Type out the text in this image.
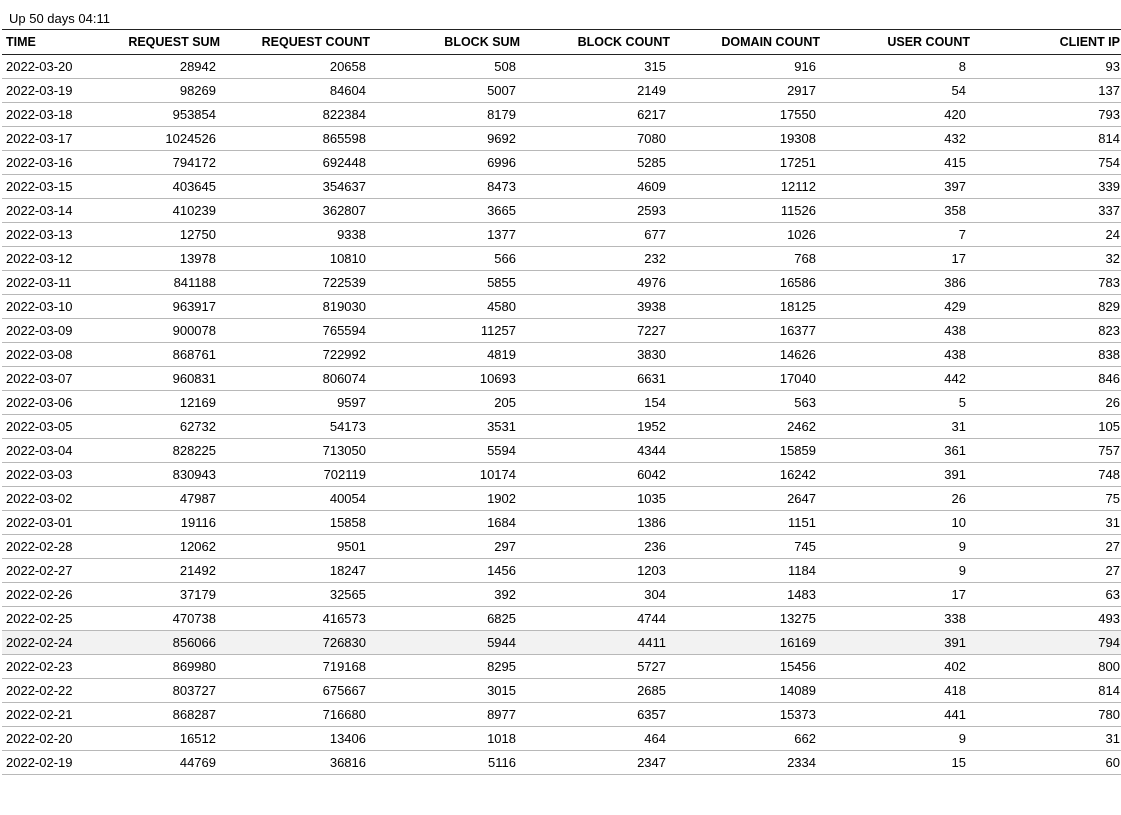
Up 50 days 04:11
TIME	REQUEST SUM	REQUEST COUNT	BLOCK SUM	BLOCK COUNT	DOMAIN COUNT	USER COUNT	CLIENT IP
2022-03-20	28942	20658	508	315	916	8	93
2022-03-19	98269	84604	5007	2149	2917	54	137
2022-03-18	953854	822384	8179	6217	17550	420	793
2022-03-17	1024526	865598	9692	7080	19308	432	814
2022-03-16	794172	692448	6996	5285	17251	415	754
2022-03-15	403645	354637	8473	4609	12112	397	339
2022-03-14	410239	362807	3665	2593	11526	358	337
2022-03-13	12750	9338	1377	677	1026	7	24
2022-03-12	13978	10810	566	232	768	17	32
2022-03-11	841188	722539	5855	4976	16586	386	783
2022-03-10	963917	819030	4580	3938	18125	429	829
2022-03-09	900078	765594	11257	7227	16377	438	823
2022-03-08	868761	722992	4819	3830	14626	438	838
2022-03-07	960831	806074	10693	6631	17040	442	846
2022-03-06	12169	9597	205	154	563	5	26
2022-03-05	62732	54173	3531	1952	2462	31	105
2022-03-04	828225	713050	5594	4344	15859	361	757
2022-03-03	830943	702119	10174	6042	16242	391	748
2022-03-02	47987	40054	1902	1035	2647	26	75
2022-03-01	19116	15858	1684	1386	1151	10	31
2022-02-28	12062	9501	297	236	745	9	27
2022-02-27	21492	18247	1456	1203	1184	9	27
2022-02-26	37179	32565	392	304	1483	17	63
2022-02-25	470738	416573	6825	4744	13275	338	493
2022-02-24	856066	726830	5944	4411	16169	391	794
2022-02-23	869980	719168	8295	5727	15456	402	800
2022-02-22	803727	675667	3015	2685	14089	418	814
2022-02-21	868287	716680	8977	6357	15373	441	780
2022-02-20	16512	13406	1018	464	662	9	31
2022-02-19	44769	36816	5116	2347	2334	15	60
